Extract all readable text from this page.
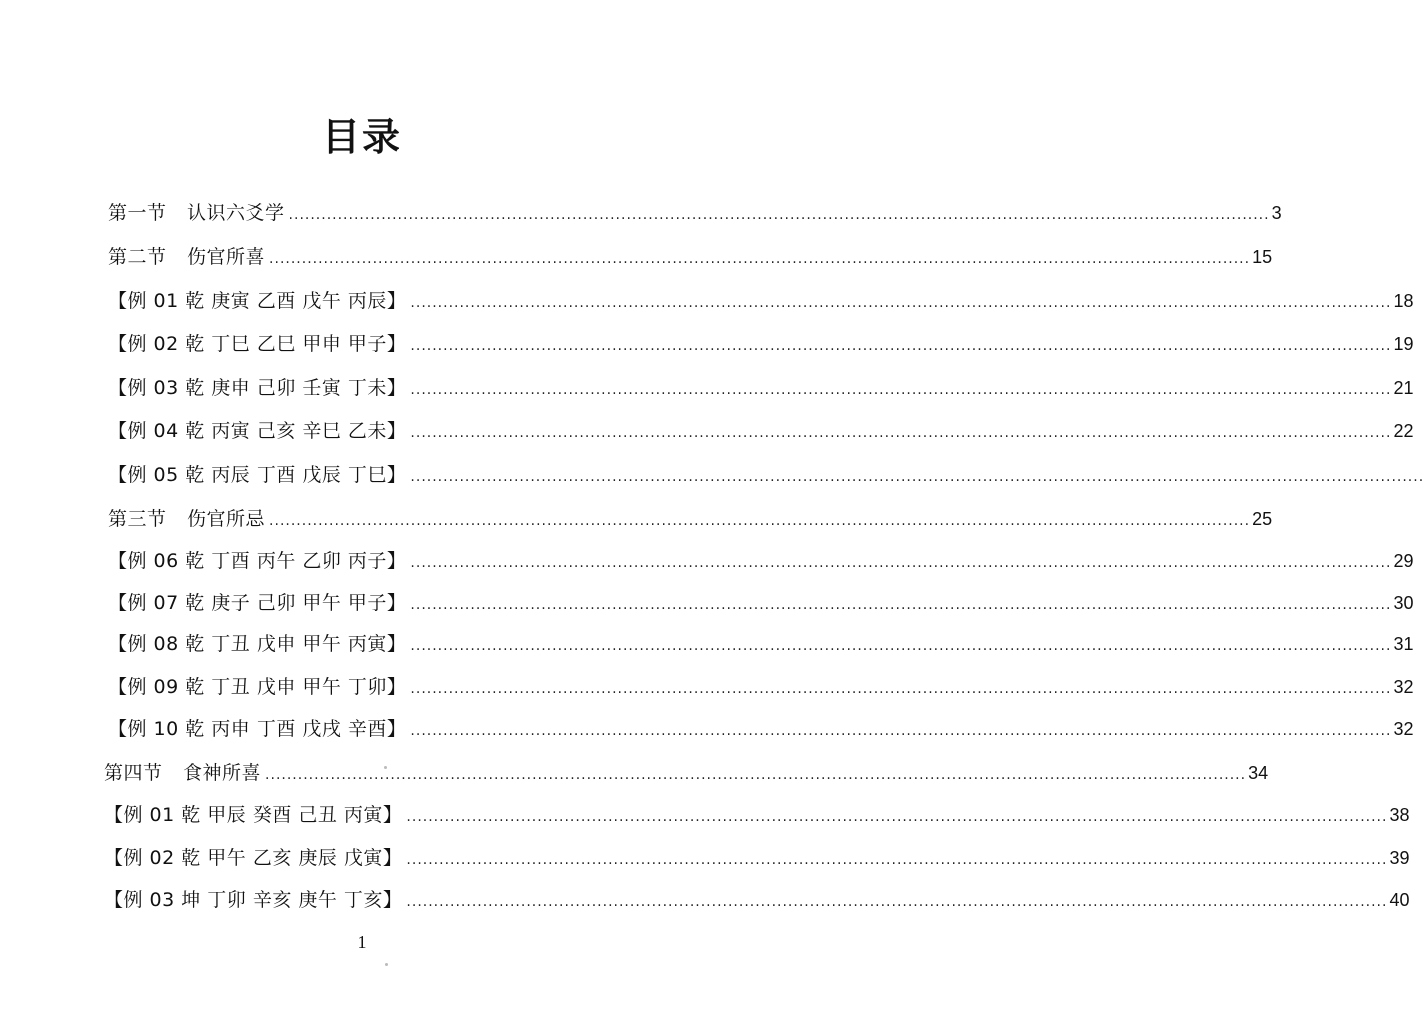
目录
第一节 认识六爻学 .....	3
第二节 伤官所喜 .....	15
【例 01 乾 庚寅 乙酉 戊午 丙辰】 .....	18
【例 02 乾 丁巳 乙巳 甲申 甲子】 .....	19
【例 03 乾 庚申 己卯 壬寅 丁未】 .....	21
【例 04 乾 丙寅 己亥 辛巳 乙未】 .....	22
【例 05 乾 丙辰 丁酉 戊辰 丁巳】 ...... .....
第三节 伤官所忌 .....	25
【例 06 乾 丁酉 丙午 乙卯 丙子】 .....	29
【例 07 乾 庚子 己卯 甲午 甲子】 .....	30
【例 08 乾 丁丑 戊申 甲午 丙寅】 .....	31
【例 09 乾 丁丑 戊申 甲午 丁卯】 .....	32
【例 10 乾 丙申 丁酉 戊戌 辛酉】 .....	32
第四节 食神所喜 .....	34
【例 01 乾 甲辰 癸酉 己丑 丙寅】 .....	38
【例 02 乾 甲午 乙亥 庚辰 戊寅】 .....	39
【例 03 坤 丁卯 辛亥 庚午 丁亥】 .....	40
1
